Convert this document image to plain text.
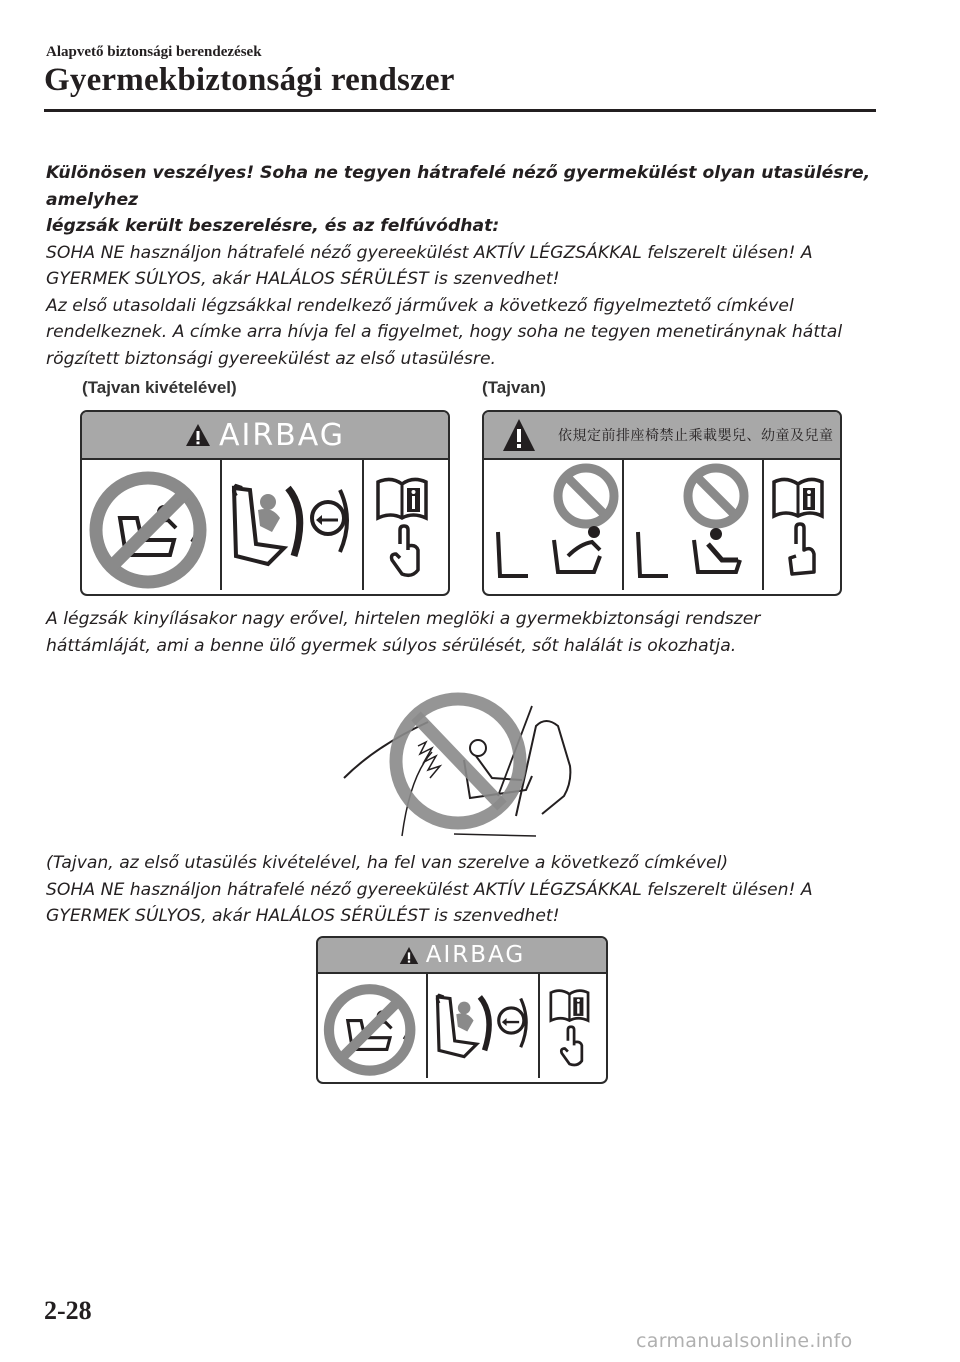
Alapvető biztonsági berendezések
Gyermekbiztonsági rendszer
Különösen veszélyes! Soha ne tegyen hátrafelé néző gyermekülést olyan utasülésre, amelyhez
légzsák került beszerelésre, és az felfúvódhat:
SOHA NE használjon hátrafelé néző gyereekülést AKTÍV LÉGZSÁKKAL felszerelt ülésen! A
GYERMEK SÚLYOS, akár HALÁLOS SÉRÜLÉST is szenvedhet!
Az első utasoldali légzsákkal rendelkező járművek a következő figyelmeztető címkével
rendelkeznek. A címke arra hívja fel a figyelmet, hogy soha ne tegyen menetiránynak háttal
rögzített biztonsági gyereekülést az első utasülésre.
(Tajvan kivételével)	(Tajvan)
AIRBAG	依規定前排座椅禁止乘載嬰兒、幼童及兒童
A légzsák kinyílásakor nagy erővel, hirtelen meglöki a gyermekbiztonsági rendszer
háttámláját, ami a benne ülő gyermek súlyos sérülését, sőt halálát is okozhatja.
(Tajvan, az első utasülés kivételével, ha fel van szerelve a következő címkével)
SOHA NE használjon hátrafelé néző gyereekülést AKTÍV LÉGZSÁKKAL felszerelt ülésen! A
GYERMEK SÚLYOS, akár HALÁLOS SÉRÜLÉST is szenvedhet!
AIRBAG
2-28
carmanualsonline.info
